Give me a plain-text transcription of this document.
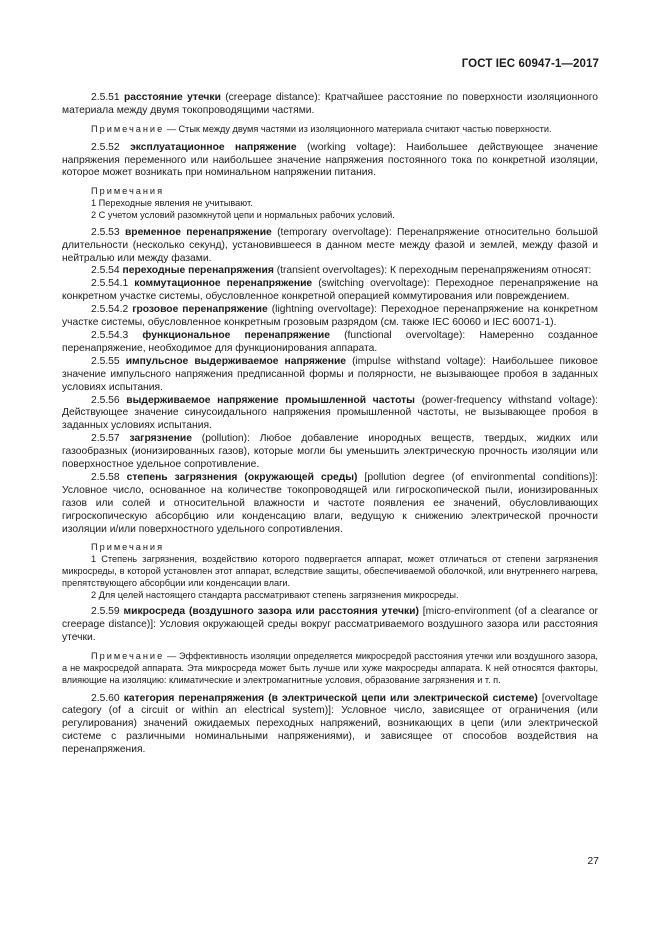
ГОСТ IEC 60947-1—2017

2.5.51 расстояние утечки (creepage distance): Кратчайшее расстояние по поверхности изоляционного материала между двумя токопроводящими частями.

Примечание — Стык между двумя частями из изоляционного материала считают частью поверхности.

2.5.52 эксплуатационное напряжение (working voltage): Наибольшее действующее значение напряжения переменного или наибольшее значение напряжения постоянного тока по конкретной изоляции, которое может возникать при номинальном напряжении питания.

Примечания

1 Переходные явления не учитывают.

2 С учетом условий разомкнутой цепи и нормальных рабочих условий.

2.5.53 временное перенапряжение (temporary overvoltage): Перенапряжение относительно большой длительности (несколько секунд), установившееся в данном месте между фазой и землей, между фазой и нейтралью или между фазами.

2.5.54 переходные перенапряжения (transient overvoltages): К переходным перенапряжениям относят:

2.5.54.1 коммутационное перенапряжение (switching overvoltage): Переходное перенапряжение на конкретном участке системы, обусловленное конкретной операцией коммутирования или повреждением.

2.5.54.2 грозовое перенапряжение (lightning overvoltage): Переходное перенапряжение на конкретном участке системы, обусловленное конкретным грозовым разрядом (см. также IEC 60060 и IEC 60071-1).

2.5.54.3 функциональное перенапряжение (functional overvoltage): Намеренно созданное перенапряжение, необходимое для функционирования аппарата.

2.5.55 импульсное выдерживаемое напряжение (impulse withstand voltage): Наибольшее пиковое значение импульсного напряжения предписанной формы и полярности, не вызывающее пробоя в заданных условиях испытания.

2.5.56 выдерживаемое напряжение промышленной частоты (power-frequency withstand voltage): Действующее значение синусоидального напряжения промышленной частоты, не вызывающее пробоя в заданных условиях испытания.

2.5.57 загрязнение (pollution): Любое добавление инородных веществ, твердых, жидких или газообразных (ионизированных газов), которые могли бы уменьшить электрическую прочность изоляции или поверхностное удельное сопротивление.

2.5.58 степень загрязнения (окружающей среды) [pollution degree (of environmental conditions)]: Условное число, основанное на количестве токопроводящей или гигроскопической пыли, ионизированных газов или солей и относительной влажности и частоте появления ее значений, обусловливающих гигроскопическую абсорбцию или конденсацию влаги, ведущую к снижению электрической прочности изоляции и/или поверхностного удельного сопротивления.

Примечания

1 Степень загрязнения, воздействию которого подвергается аппарат, может отличаться от степени загрязнения микросреды, в которой установлен этот аппарат, вследствие защиты, обеспечиваемой оболочкой, или внутреннего нагрева, препятствующего абсорбции или конденсации влаги.

2 Для целей настоящего стандарта рассматривают степень загрязнения микросреды.

2.5.59 микросреда (воздушного зазора или расстояния утечки) [micro-environment (of a clearance or creepage distance)]: Условия окружающей среды вокруг рассматриваемого воздушного зазора или расстояния утечки.

Примечание — Эффективность изоляции определяется микросредой расстояния утечки или воздушного зазора, а не макросредой аппарата. Эта микросреда может быть лучше или хуже макросреды аппарата. К ней относятся факторы, влияющие на изоляцию: климатические и электромагнитные условия, образование загрязнения и т. п.

2.5.60 категория перенапряжения (в электрической цепи или электрической системе) [overvoltage category (of a circuit or within an electrical system)]: Условное число, зависящее от ограничения (или регулирования) значений ожидаемых переходных напряжений, возникающих в цепи (или электрической системе с различными номинальными напряжениями), и зависящее от способов воздействия на перенапряжения.

27
